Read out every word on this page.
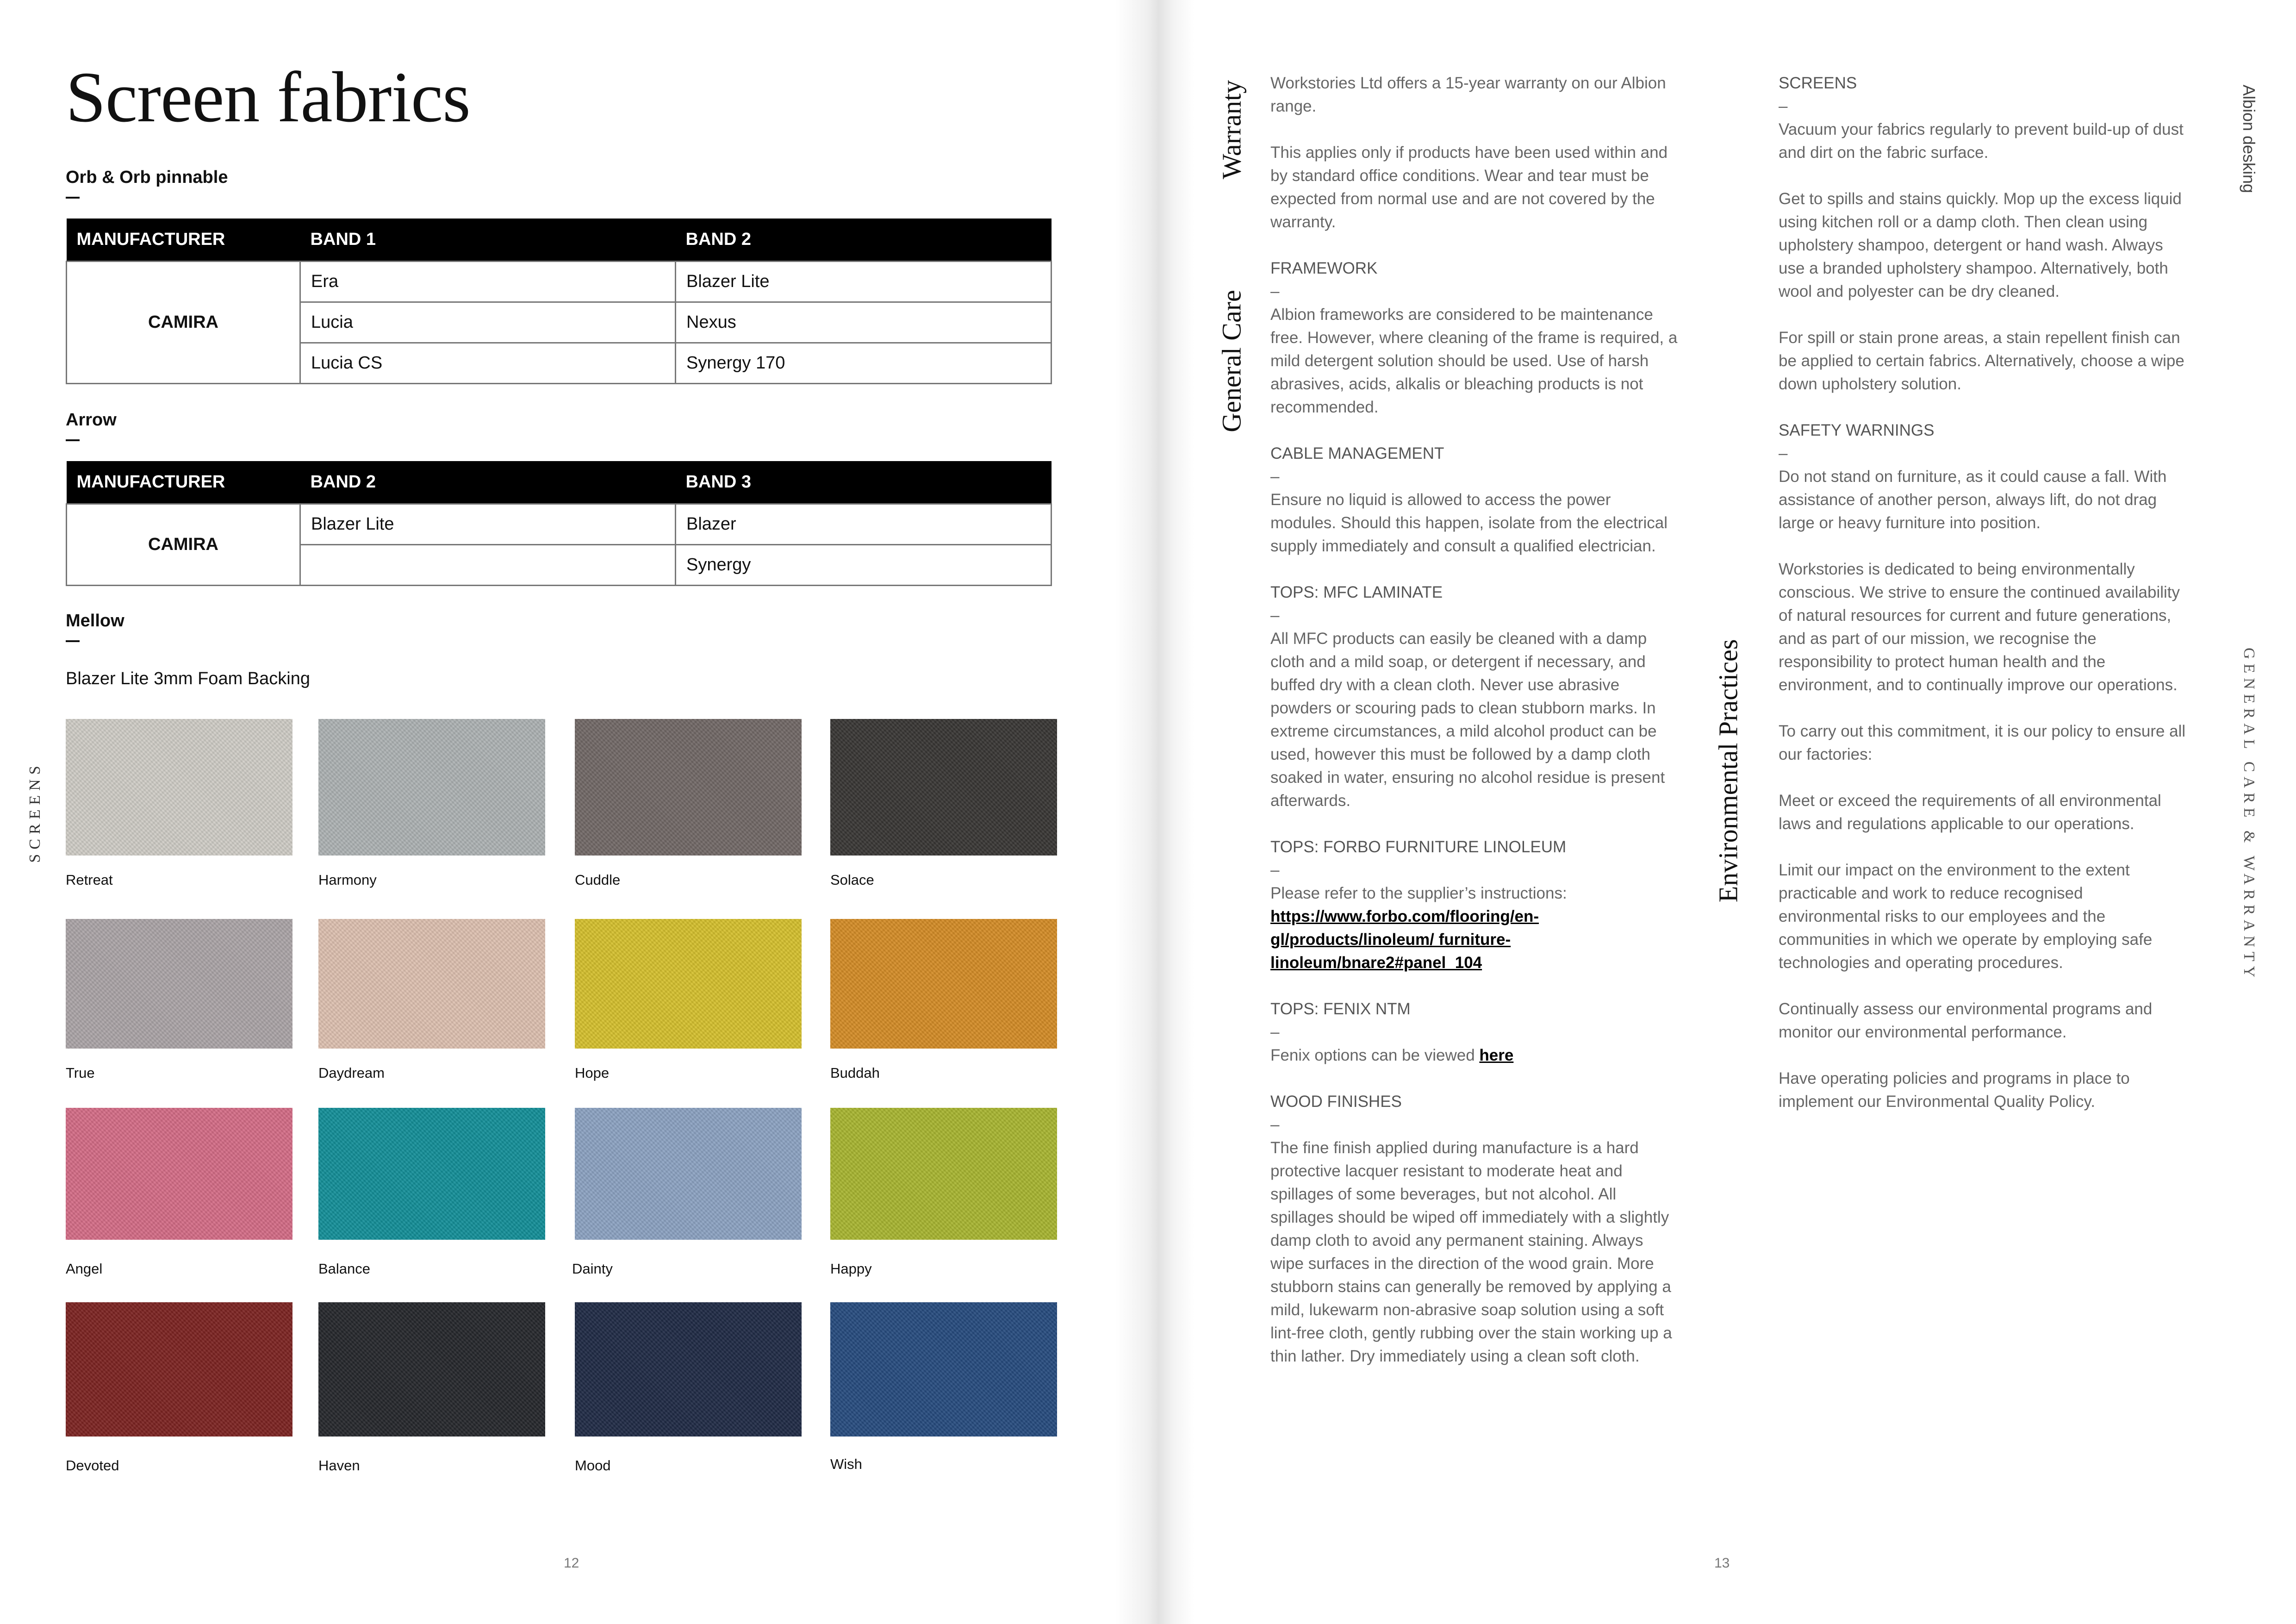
Screen fabrics
Orb & Orb pinnable
MANUFACTURER	BAND 1	BAND 2
CAMIRA	Era	Blazer Lite
	Lucia	Nexus
	Lucia CS	Synergy 170
Arrow
MANUFACTURER	BAND 2	BAND 3
CAMIRA	Blazer Lite	Blazer
		Synergy
Mellow
Blazer Lite 3mm Foam Backing
Retreat	Harmony	Cuddle	Solace
True	Daydream	Hope	Buddah
Angel	Balance	Dainty	Happy
Devoted	Haven	Mood	Wish
SCREENS
12
Warranty
General Care
Environmental Practices

Workstories Ltd offers a 15-year warranty on our Albion range.

This applies only if products have been used within and by standard office conditions. Wear and tear must be expected from normal use and are not covered by the warranty.

FRAMEWORK
–

Albion frameworks are considered to be maintenance free. However, where cleaning of the frame is required, a mild detergent solution should be used. Use of harsh abrasives, acids, alkalis or bleaching products is not recommended.

CABLE MANAGEMENT
–

Ensure no liquid is allowed to access the power modules. Should this happen, isolate from the electrical supply immediately and consult a qualified electrician.

TOPS: MFC LAMINATE
–

All MFC products can easily be cleaned with a damp cloth and a mild soap, or detergent if necessary, and buffed dry with a clean cloth. Never use abrasive powders or scouring pads to clean stubborn marks. In extreme circumstances, a mild alcohol product can be used, however this must be followed by a damp cloth soaked in water, ensuring no alcohol residue is present afterwards.

TOPS: FORBO FURNITURE LINOLEUM
–
Please refer to the supplier’s instructions:

https://www.forbo.com/flooring/en-gl/products/linoleum/ furniture-linoleum/bnare2#panel_104

TOPS: FENIX NTM
–

Fenix options can be viewed here

WOOD FINISHES
–

The fine finish applied during manufacture is a hard protective lacquer resistant to moderate heat and spillages of some beverages, but not alcohol. All spillages should be wiped off immediately with a slightly damp cloth to avoid any permanent staining. Always wipe surfaces in the direction of the wood grain. More stubborn stains can generally be removed by applying a mild, lukewarm non-abrasive soap solution using a soft lint-free cloth, gently rubbing over the stain working up a thin lather. Dry immediately using a clean soft cloth.

SCREENS
–

Vacuum your fabrics regularly to prevent build-up of dust and dirt on the fabric surface.

Get to spills and stains quickly. Mop up the excess liquid using kitchen roll or a damp cloth. Then clean using upholstery shampoo, detergent or hand wash. Always use a branded upholstery shampoo. Alternatively, both wool and polyester can be dry cleaned.

For spill or stain prone areas, a stain repellent finish can be applied to certain fabrics. Alternatively, choose a wipe down upholstery solution.

SAFETY WARNINGS
–

Do not stand on furniture, as it could cause a fall. With assistance of another person, always lift, do not drag large or heavy furniture into position.

Workstories is dedicated to being environmentally conscious. We strive to ensure the continued availability of natural resources for current and future generations, and as part of our mission, we recognise the responsibility to protect human health and the environment, and to continually improve our operations.

To carry out this commitment, it is our policy to ensure all our factories:

Meet or exceed the requirements of all environmental laws and regulations applicable to our operations.

Limit our impact on the environment to the extent practicable and work to reduce recognised environmental risks to our employees and the communities in which we operate by employing safe technologies and operating procedures.

Continually assess our environmental programs and monitor our environmental performance.

Have operating policies and programs in place to implement our Environmental Quality Policy.

Albion desking
GENERAL CARE & WARRANTY
13
